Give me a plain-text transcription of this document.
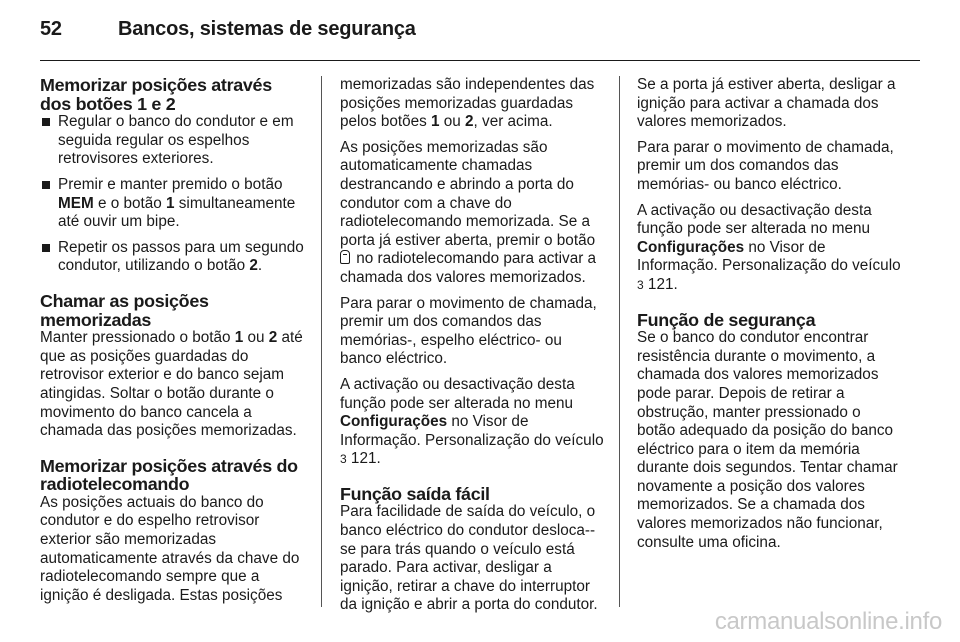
52	Bancos, sistemas de segurança
Memorizar posições através dos botões 1 e 2
Regular o banco do condutor e em seguida regular os espelhos retrovisores exteriores.
Premir e manter premido o botão MEM e o botão 1 simultaneamente até ouvir um bipe.
Repetir os passos para um segundo condutor, utilizando o botão 2.
Chamar as posições memorizadas

Manter pressionado o botão 1 ou 2 até que as posições guardadas do retrovisor exterior e do banco sejam atingidas. Soltar o botão durante o movimento do banco cancela a chamada das posições memorizadas.

Memorizar posições através do radiotelecomando

As posições actuais do banco do condutor e do espelho retrovisor exterior são memorizadas automaticamente através da chave do radiotelecomando sempre que a ignição é desligada. Estas posições

memorizadas são independentes das posições memorizadas guardadas pelos botões 1 ou 2, ver acima.

As posições memorizadas são automaticamente chamadas destrancando e abrindo a porta do condutor com a chave do radiotelecomando memorizada. Se a porta já estiver aberta, premir o botão  no radiotelecomando para activar a chamada dos valores memorizados.

Para parar o movimento de chamada, premir um dos comandos das memórias-, espelho eléctrico- ou banco eléctrico.

A activação ou desactivação desta função pode ser alterada no menu Configurações no Visor de Informação. Personalização do veículo 3 121.

Função saída fácil

Para facilidade de saída do veículo, o banco eléctrico do condutor desloca--se para trás quando o veículo está parado. Para activar, desligar a ignição, retirar a chave do interruptor da ignição e abrir a porta do condutor.

Se a porta já estiver aberta, desligar a ignição para activar a chamada dos valores memorizados.

Para parar o movimento de chamada, premir um dos comandos das memórias- ou banco eléctrico.

A activação ou desactivação desta função pode ser alterada no menu Configurações no Visor de Informação. Personalização do veículo 3 121.

Função de segurança

Se o banco do condutor encontrar resistência durante o movimento, a chamada dos valores memorizados pode parar. Depois de retirar a obstrução, manter pressionado o botão adequado da posição do banco eléctrico para o item da memória durante dois segundos. Tentar chamar novamente a posição dos valores memorizados. Se a chamada dos valores memorizados não funcionar, consulte uma oficina.

carmanualsonline.info
